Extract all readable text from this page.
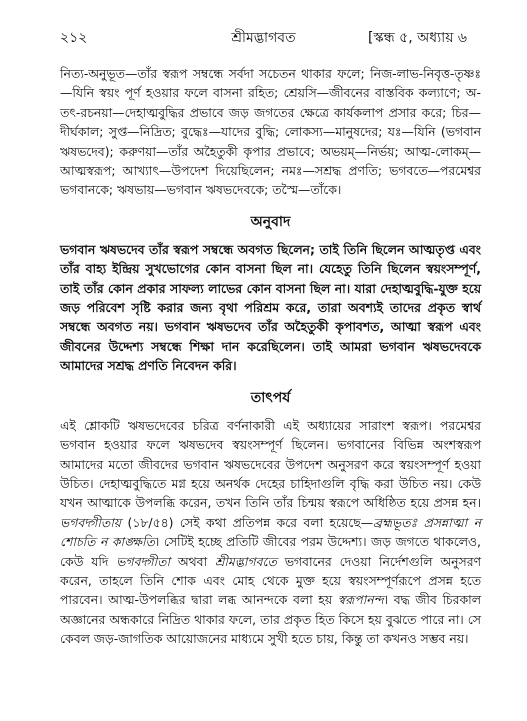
২১২	শ্রীমদ্ভাগবত	[স্কন্ধ ৫, অধ্যায় ৬

নিত্য-অনুভূত—তাঁর স্বরূপ সম্বন্ধে সর্বদা সচেতন থাকার ফলে; নিজ-লাভ-নিবৃত্ত-তৃষ্ণঃ—যিনি স্বয়ং পূর্ণ হওয়ার ফলে বাসনা রহিত; শ্রেয়সি—জীবনের বাস্তবিক কল্যাণে; অ-তৎ-রচনয়া—দেহাত্মবুদ্ধির প্রভাবে জড় জগতের ক্ষেত্রে কার্যকলাপ প্রসার করে; চির—দীর্ঘকাল; সুপ্ত—নিদ্রিত; বুদ্ধেঃ—যাদের বুদ্ধি; লোকস্য—মানুষদের; যঃ—যিনি (ভগবান ঋষভদেব); করুণয়া—তাঁর অহৈতুকী কৃপার প্রভাবে; অভয়ম্—নির্ভয়; আত্ম-লোকম্—আত্মস্বরূপ; আখ্যাৎ—উপদেশ দিয়েছিলেন; নমঃ—সশ্রদ্ধ প্রণতি; ভগবতে—পরমেশ্বর ভগবানকে; ঋষভায়—ভগবান ঋষভদেবকে; তস্মৈ—তাঁকে।

অনুবাদ

ভগবান ঋষভদেব তাঁর স্বরূপ সম্বন্ধে অবগত ছিলেন; তাই তিনি ছিলেন আত্মতৃপ্ত এবং তাঁর বাহ্য ইন্দ্রিয় সুখভোগের কোন বাসনা ছিল না। যেহেতু তিনি ছিলেন স্বয়ংসম্পূর্ণ, তাই তাঁর কোন প্রকার সাফল্য লাভের কোন বাসনা ছিল না। যারা দেহাত্মবুদ্ধি-যুক্ত হয়ে জড় পরিবেশ সৃষ্টি করার জন্য বৃথা পরিশ্রম করে, তারা অবশ্যই তাদের প্রকৃত স্বার্থ সম্বন্ধে অবগত নয়। ভগবান ঋষভদেব তাঁর অহৈতুকী কৃপাবশত, আত্মা স্বরূপ এবং জীবনের উদ্দেশ্য সম্বন্ধে শিক্ষা দান করেছিলেন। তাই আমরা ভগবান ঋষভদেবকে আমাদের সশ্রদ্ধ প্রণতি নিবেদন করি।

তাৎপর্য

এই শ্লোকটি ঋষভদেবের চরিত্র বর্ণনাকারী এই অধ্যায়ের সারাংশ স্বরূপ। পরমেশ্বর ভগবান হওয়ার ফলে ঋষভদেব স্বয়ংসম্পূর্ণ ছিলেন। ভগবানের বিভিন্ন অংশস্বরূপ আমাদের মতো জীবদের ভগবান ঋষভদেবের উপদেশ অনুসরণ করে স্বয়ংসম্পূর্ণ হওয়া উচিত। দেহাত্মবুদ্ধিতে মগ্ন হয়ে অনর্থক দেহের চাহিদাগুলি বৃদ্ধি করা উচিত নয়। কেউ যখন আত্মাকে উপলব্ধি করেন, তখন তিনি তাঁর চিন্ময় স্বরূপে অধিষ্ঠিত হয়ে প্রসন্ন হন। ভগবদ্গীতায় (১৮/৫৪) সেই কথা প্রতিপন্ন করে বলা হয়েছে—ব্রহ্মভূতঃ প্রসন্নাত্মা ন শোচতি ন কাঙ্ক্ষতি। সেটিই হচ্ছে প্রতিটি জীবের পরম উদ্দেশ্য। জড় জগতে থাকলেও, কেউ যদি ভগবদ্গীতা অথবা শ্রীমদ্ভাগবতে ভগবানের দেওয়া নির্দেশগুলি অনুসরণ করেন, তাহলে তিনি শোক এবং মোহ থেকে মুক্ত হয়ে স্বয়ংসম্পূর্ণরূপে প্রসন্ন হতে পারবেন। আত্ম-উপলব্ধির দ্বারা লব্ধ আনন্দকে বলা হয় স্বরূপানন্দ। বদ্ধ জীব চিরকাল অজ্ঞানের অন্ধকারে নিদ্রিত থাকার ফলে, তার প্রকৃত হিত কিসে হয় বুঝতে পারে না। সে কেবল জড়-জাগতিক আয়োজনের মাধ্যমে সুখী হতে চায়, কিন্তু তা কখনও সম্ভব নয়।
